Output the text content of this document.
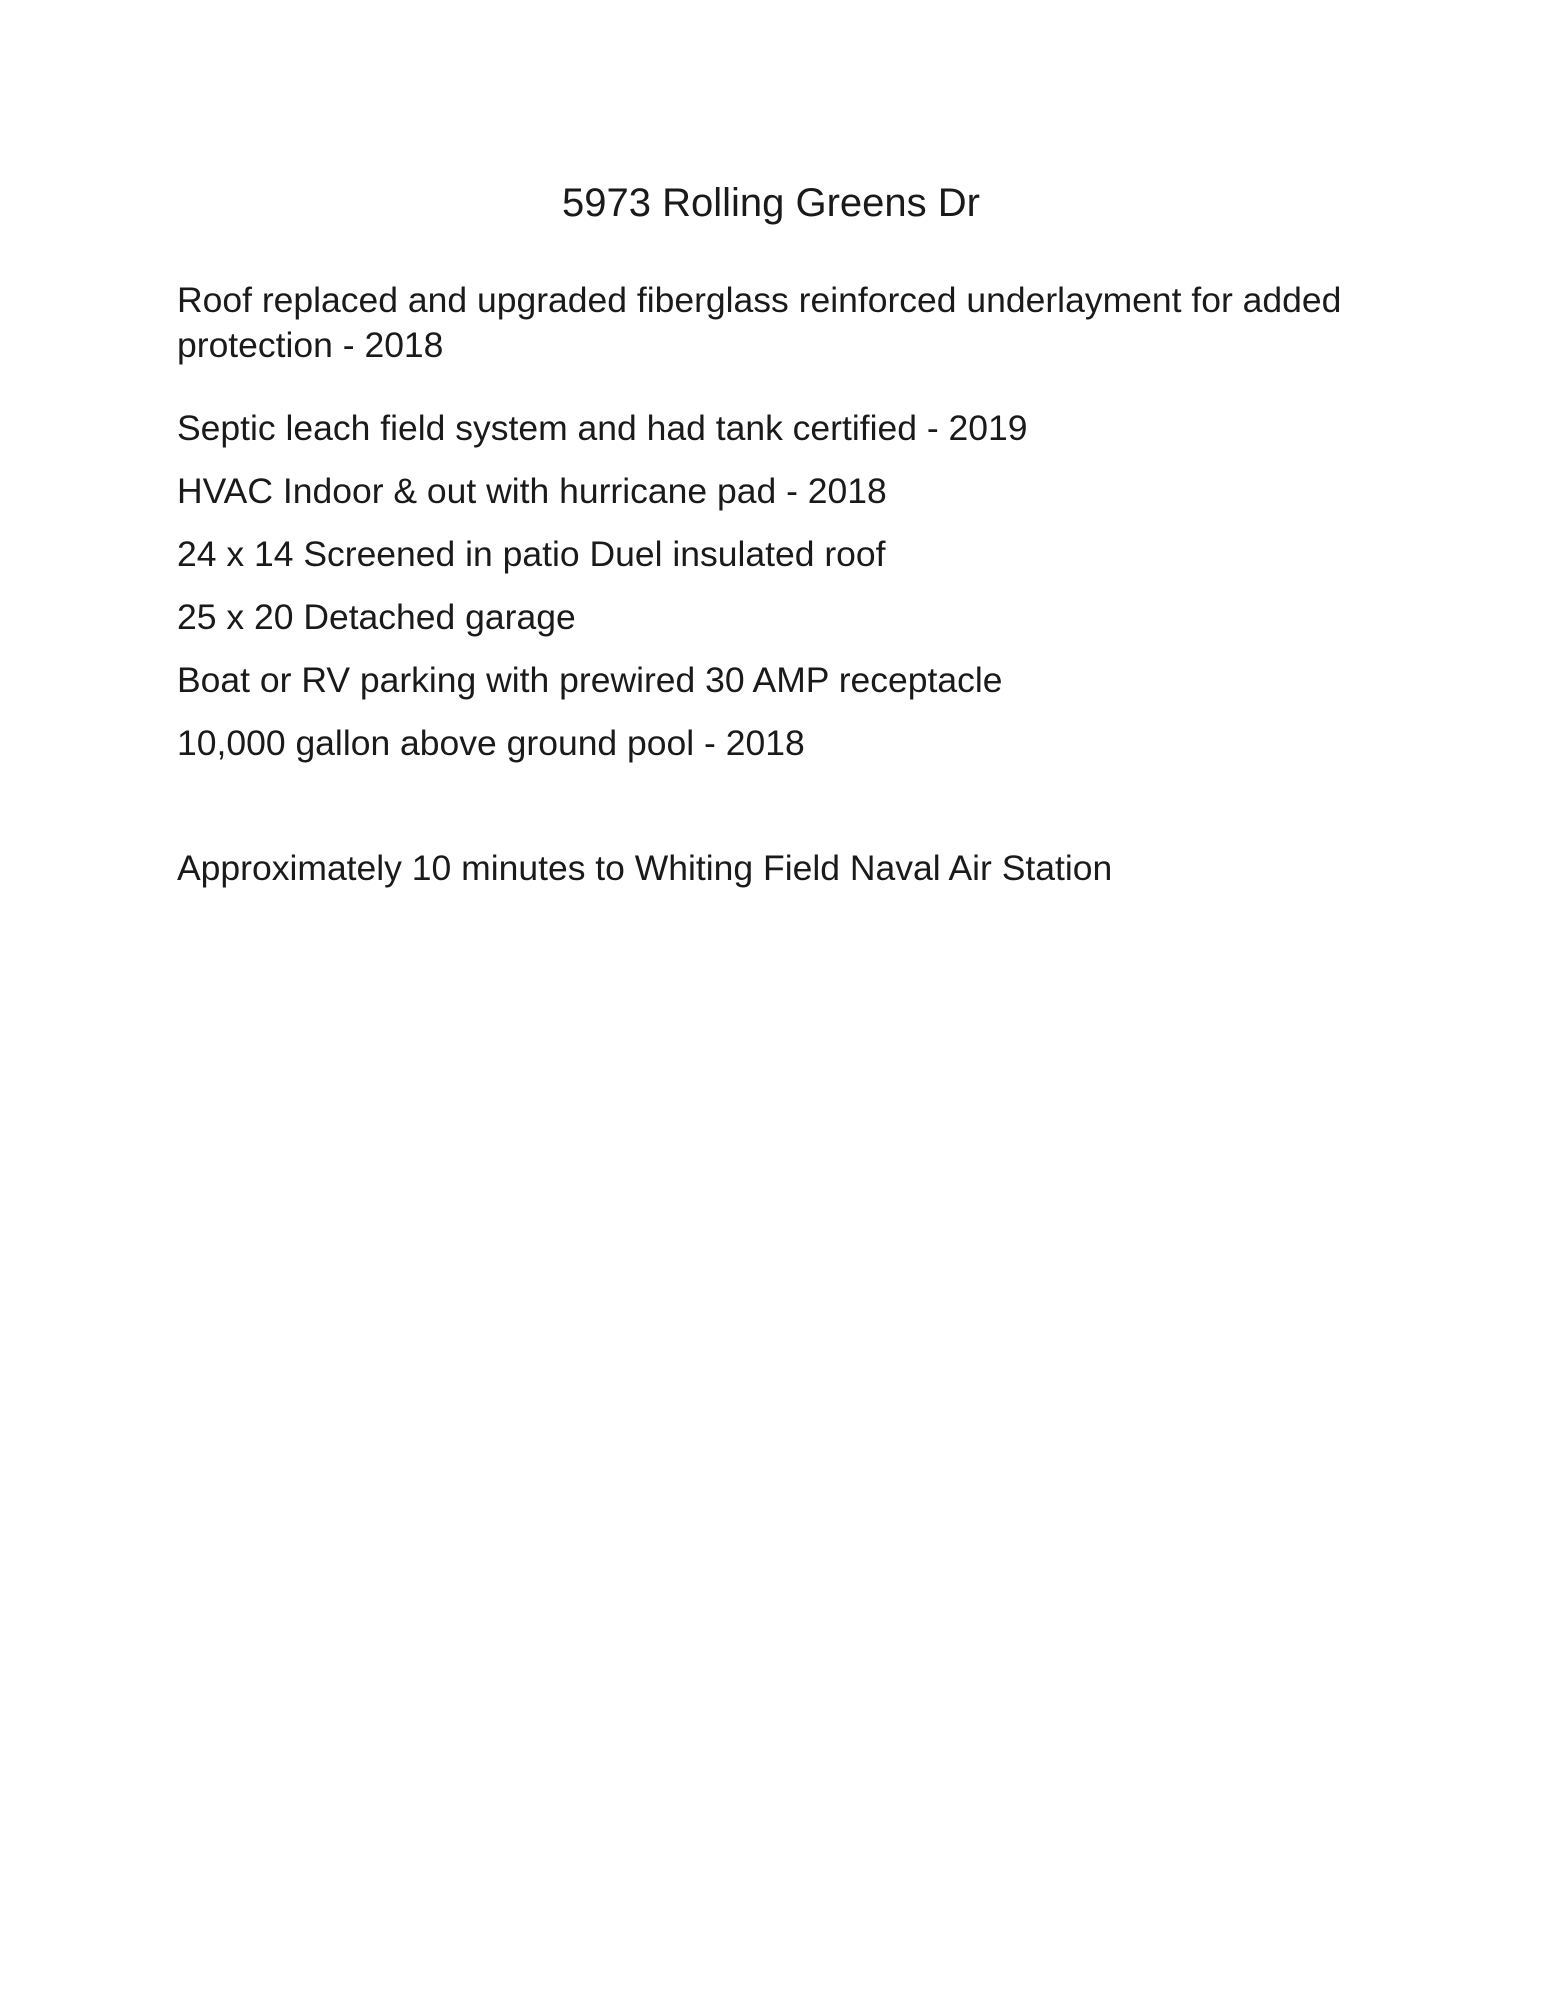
5973 Rolling Greens Dr

Roof replaced and upgraded fiberglass reinforced underlayment for added protection - 2018

Septic leach field system and had tank certified - 2019

HVAC Indoor & out with hurricane pad - 2018

24 x 14 Screened in patio Duel insulated roof

25 x 20 Detached garage

Boat or RV parking with prewired 30 AMP receptacle

10,000 gallon above ground pool - 2018

Approximately 10 minutes to Whiting Field Naval Air Station
